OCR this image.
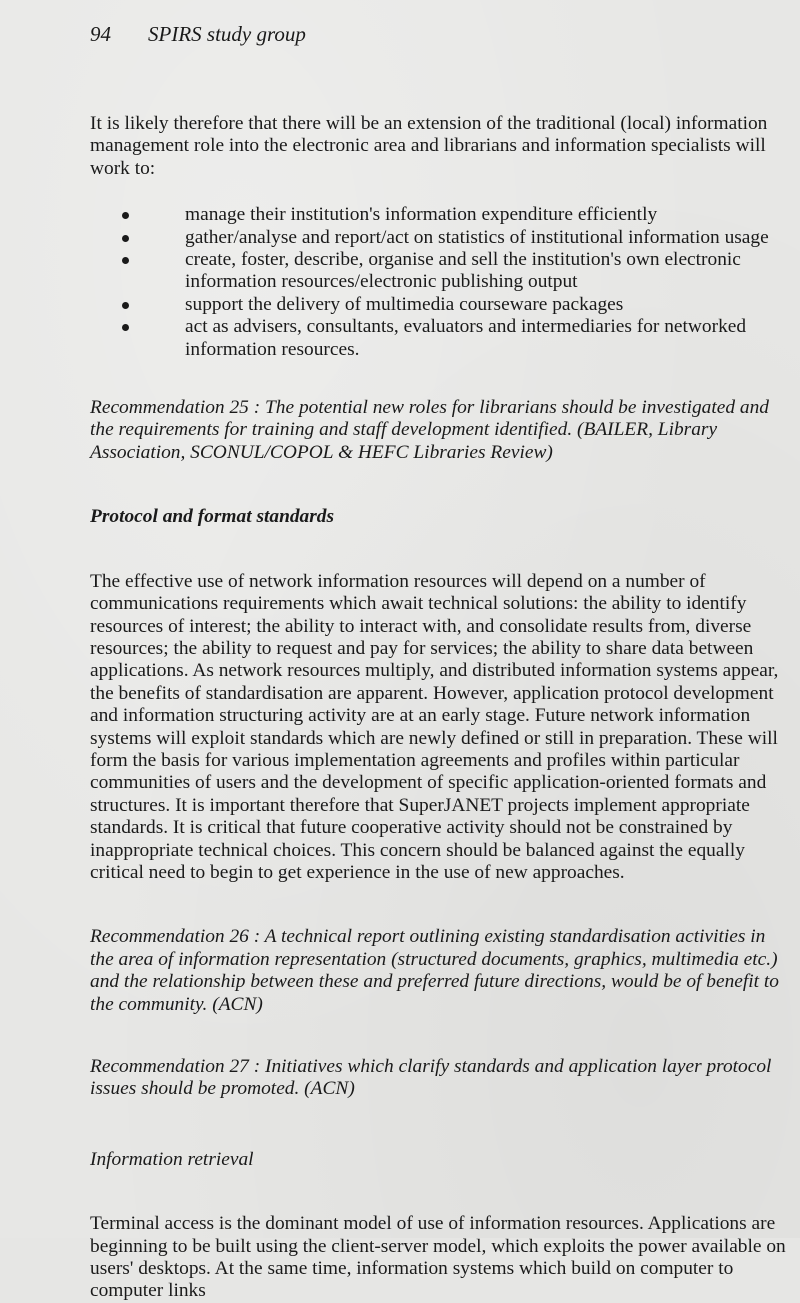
94 SPIRS study group

It is likely therefore that there will be an extension of the traditional (local) information management role into the electronic area and librarians and information specialists will work to:

manage their institution's information expenditure efficiently
gather/analyse and report/act on statistics of institutional information usage
create, foster, describe, organise and sell the institution's own electronic information resources/electronic publishing output
support the delivery of multimedia courseware packages
act as advisers, consultants, evaluators and intermediaries for networked information resources.

Recommendation 25 : The potential new roles for librarians should be investigated and the requirements for training and staff development identified. (BAILER, Library Association, SCONUL/COPOL & HEFC Libraries Review)

Protocol and format standards

The effective use of network information resources will depend on a number of communications requirements which await technical solutions: the ability to identify resources of interest; the ability to interact with, and consolidate results from, diverse resources; the ability to request and pay for services; the ability to share data between applications. As network resources multiply, and distributed information systems appear, the benefits of standardisation are apparent. However, application protocol development and information structuring activity are at an early stage. Future network information systems will exploit standards which are newly defined or still in preparation. These will form the basis for various implementation agreements and profiles within particular communities of users and the development of specific application-oriented formats and structures. It is important therefore that SuperJANET projects implement appropriate standards. It is critical that future cooperative activity should not be constrained by inappropriate technical choices. This concern should be balanced against the equally critical need to begin to get experience in the use of new approaches.

Recommendation 26 : A technical report outlining existing standardisation activities in the area of information representation (structured documents, graphics, multimedia etc.) and the relationship between these and preferred future directions, would be of benefit to the community. (ACN)

Recommendation 27 : Initiatives which clarify standards and application layer protocol issues should be promoted. (ACN)

Information retrieval

Terminal access is the dominant model of use of information resources. Applications are beginning to be built using the client-server model, which exploits the power available on users' desktops. At the same time, information systems which build on computer to computer links
